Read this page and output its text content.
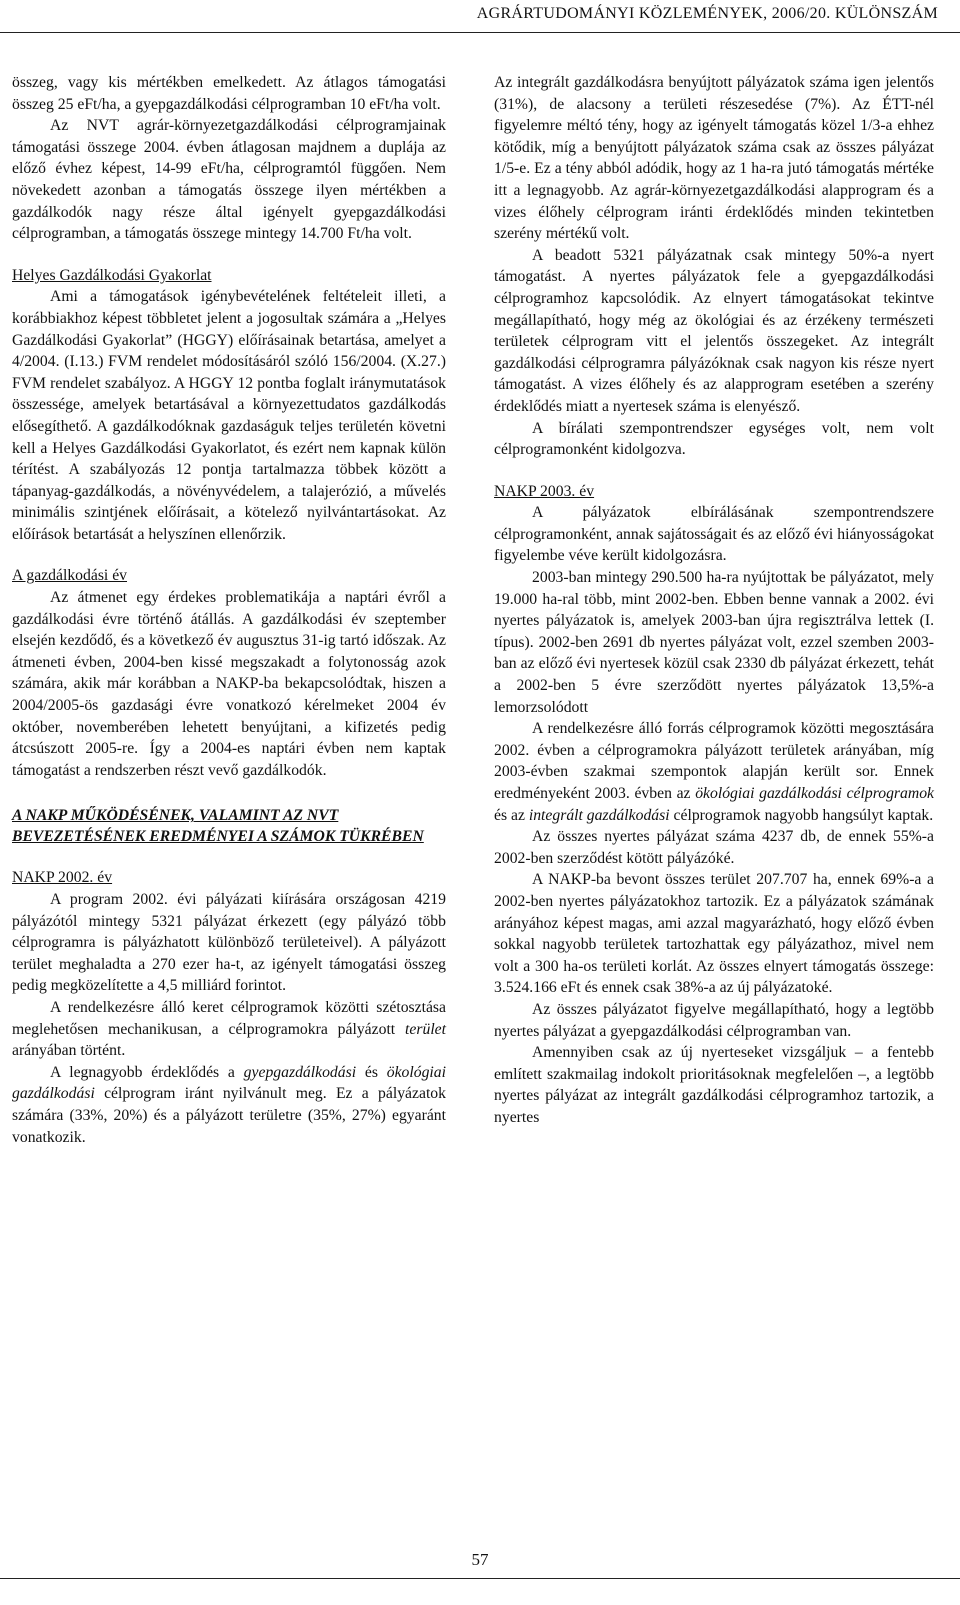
AGRÁRTUDOMÁNYI KÖZLEMÉNYEK, 2006/20. KÜLÖNSZÁM

összeg, vagy kis mértékben emelkedett. Az átlagos támogatási összeg 25 eFt/ha, a gyepgazdálkodási célprogramban 10 eFt/ha volt.

Az NVT agrár-környezetgazdálkodási célprogramjainak támogatási összege 2004. évben átlagosan majdnem a duplája az előző évhez képest, 14-99 eFt/ha, célprogramtól függően. Nem növekedett azonban a támogatás összege ilyen mértékben a gazdálkodók nagy része által igényelt gyepgazdálkodási célprogramban, a támogatás összege mintegy 14.700 Ft/ha volt.

Helyes Gazdálkodási Gyakorlat

Ami a támogatások igénybevételének feltételeit illeti, a korábbiakhoz képest többletet jelent a jogosultak számára a „Helyes Gazdálkodási Gyakorlat” (HGGY) előírásainak betartása, amelyet a 4/2004. (I.13.) FVM rendelet módosításáról szóló 156/2004. (X.27.) FVM rendelet szabályoz. A HGGY 12 pontba foglalt iránymutatások összessége, amelyek betartásával a környezettudatos gazdálkodás elősegíthető. A gazdálkodóknak gazdaságuk teljes területén követni kell a Helyes Gazdálkodási Gyakorlatot, és ezért nem kapnak külön térítést. A szabályozás 12 pontja tartalmazza többek között a tápanyag-gazdálkodás, a növényvédelem, a talajerózió, a művelés minimális szintjének előírásait, a kötelező nyilvántartásokat. Az előírások betartását a helyszínen ellenőrzik.

A gazdálkodási év

Az átmenet egy érdekes problematikája a naptári évről a gazdálkodási évre történő átállás. A gazdálkodási év szeptember elsején kezdődő, és a következő év augusztus 31-ig tartó időszak. Az átmeneti évben, 2004-ben kissé megszakadt a folytonosság azok számára, akik már korábban a NAKP-ba bekapcsolódtak, hiszen a 2004/2005-ös gazdasági évre vonatkozó kérelmeket 2004 év október, novemberében lehetett benyújtani, a kifizetés pedig átcsúszott 2005-re. Így a 2004-es naptári évben nem kaptak támogatást a rendszerben részt vevő gazdálkodók.

A NAKP MŰKÖDÉSÉNEK, VALAMINT AZ NVT BEVEZETÉSÉNEK EREDMÉNYEI A SZÁMOK TÜKRÉBEN

NAKP 2002. év

A program 2002. évi pályázati kiírására országosan 4219 pályázótól mintegy 5321 pályázat érkezett (egy pályázó több célprogramra is pályázhatott különböző területeivel). A pályázott terület meghaladta a 270 ezer ha-t, az igényelt támogatási összeg pedig megközelítette a 4,5 milliárd forintot.

A rendelkezésre álló keret célprogramok közötti szétosztása meglehetősen mechanikusan, a célprogramokra pályázott terület arányában történt.

A legnagyobb érdeklődés a gyepgazdálkodási és ökológiai gazdálkodási célprogram iránt nyilvánult meg. Ez a pályázatok számára (33%, 20%) és a pályázott területre (35%, 27%) egyaránt vonatkozik.

Az integrált gazdálkodásra benyújtott pályázatok száma igen jelentős (31%), de alacsony a területi részesedése (7%). Az ÉTT-nél figyelemre méltó tény, hogy az igényelt támogatás közel 1/3-a ehhez kötődik, míg a benyújtott pályázatok száma csak az összes pályázat 1/5-e. Ez a tény abból adódik, hogy az 1 ha-ra jutó támogatás mértéke itt a legnagyobb. Az agrár-környezetgazdálkodási alapprogram és a vizes élőhely célprogram iránti érdeklődés minden tekintetben szerény mértékű volt.

A beadott 5321 pályázatnak csak mintegy 50%-a nyert támogatást. A nyertes pályázatok fele a gyepgazdálkodási célprogramhoz kapcsolódik. Az elnyert támogatásokat tekintve megállapítható, hogy még az ökológiai és az érzékeny természeti területek célprogram vitt el jelentős összegeket. Az integrált gazdálkodási célprogramra pályázóknak csak nagyon kis része nyert támogatást. A vizes élőhely és az alapprogram esetében a szerény érdeklődés miatt a nyertesek száma is elenyésző.

A bírálati szempontrendszer egységes volt, nem volt célprogramonként kidolgozva.

NAKP 2003. év

A pályázatok elbírálásának szempontrendszere célprogramonként, annak sajátosságait és az előző évi hiányosságokat figyelembe véve került kidolgozásra.

2003-ban mintegy 290.500 ha-ra nyújtottak be pályázatot, mely 19.000 ha-ral több, mint 2002-ben. Ebben benne vannak a 2002. évi nyertes pályázatok is, amelyek 2003-ban újra regisztrálva lettek (I. típus). 2002-ben 2691 db nyertes pályázat volt, ezzel szemben 2003-ban az előző évi nyertesek közül csak 2330 db pályázat érkezett, tehát a 2002-ben 5 évre szerződött nyertes pályázatok 13,5%-a lemorzsolódott

A rendelkezésre álló forrás célprogramok közötti megosztására 2002. évben a célprogramokra pályázott területek arányában, míg 2003-évben szakmai szempontok alapján került sor. Ennek eredményeként 2003. évben az ökológiai gazdálkodási célprogramok és az integrált gazdálkodási célprogramok nagyobb hangsúlyt kaptak.

Az összes nyertes pályázat száma 4237 db, de ennek 55%-a 2002-ben szerződést kötött pályázóké.

A NAKP-ba bevont összes terület 207.707 ha, ennek 69%-a a 2002-ben nyertes pályázatokhoz tartozik. Ez a pályázatok számának arányához képest magas, ami azzal magyarázható, hogy előző évben sokkal nagyobb területek tartozhattak egy pályázathoz, mivel nem volt a 300 ha-os területi korlát. Az összes elnyert támogatás összege: 3.524.166 eFt és ennek csak 38%-a az új pályázatoké.

Az összes pályázatot figyelve megállapítható, hogy a legtöbb nyertes pályázat a gyepgazdálkodási célprogramban van.

Amennyiben csak az új nyerteseket vizsgáljuk – a fentebb említett szakmailag indokolt prioritásoknak megfelelően –, a legtöbb nyertes pályázat az integrált gazdálkodási célprogramhoz tartozik, a nyertes

57
